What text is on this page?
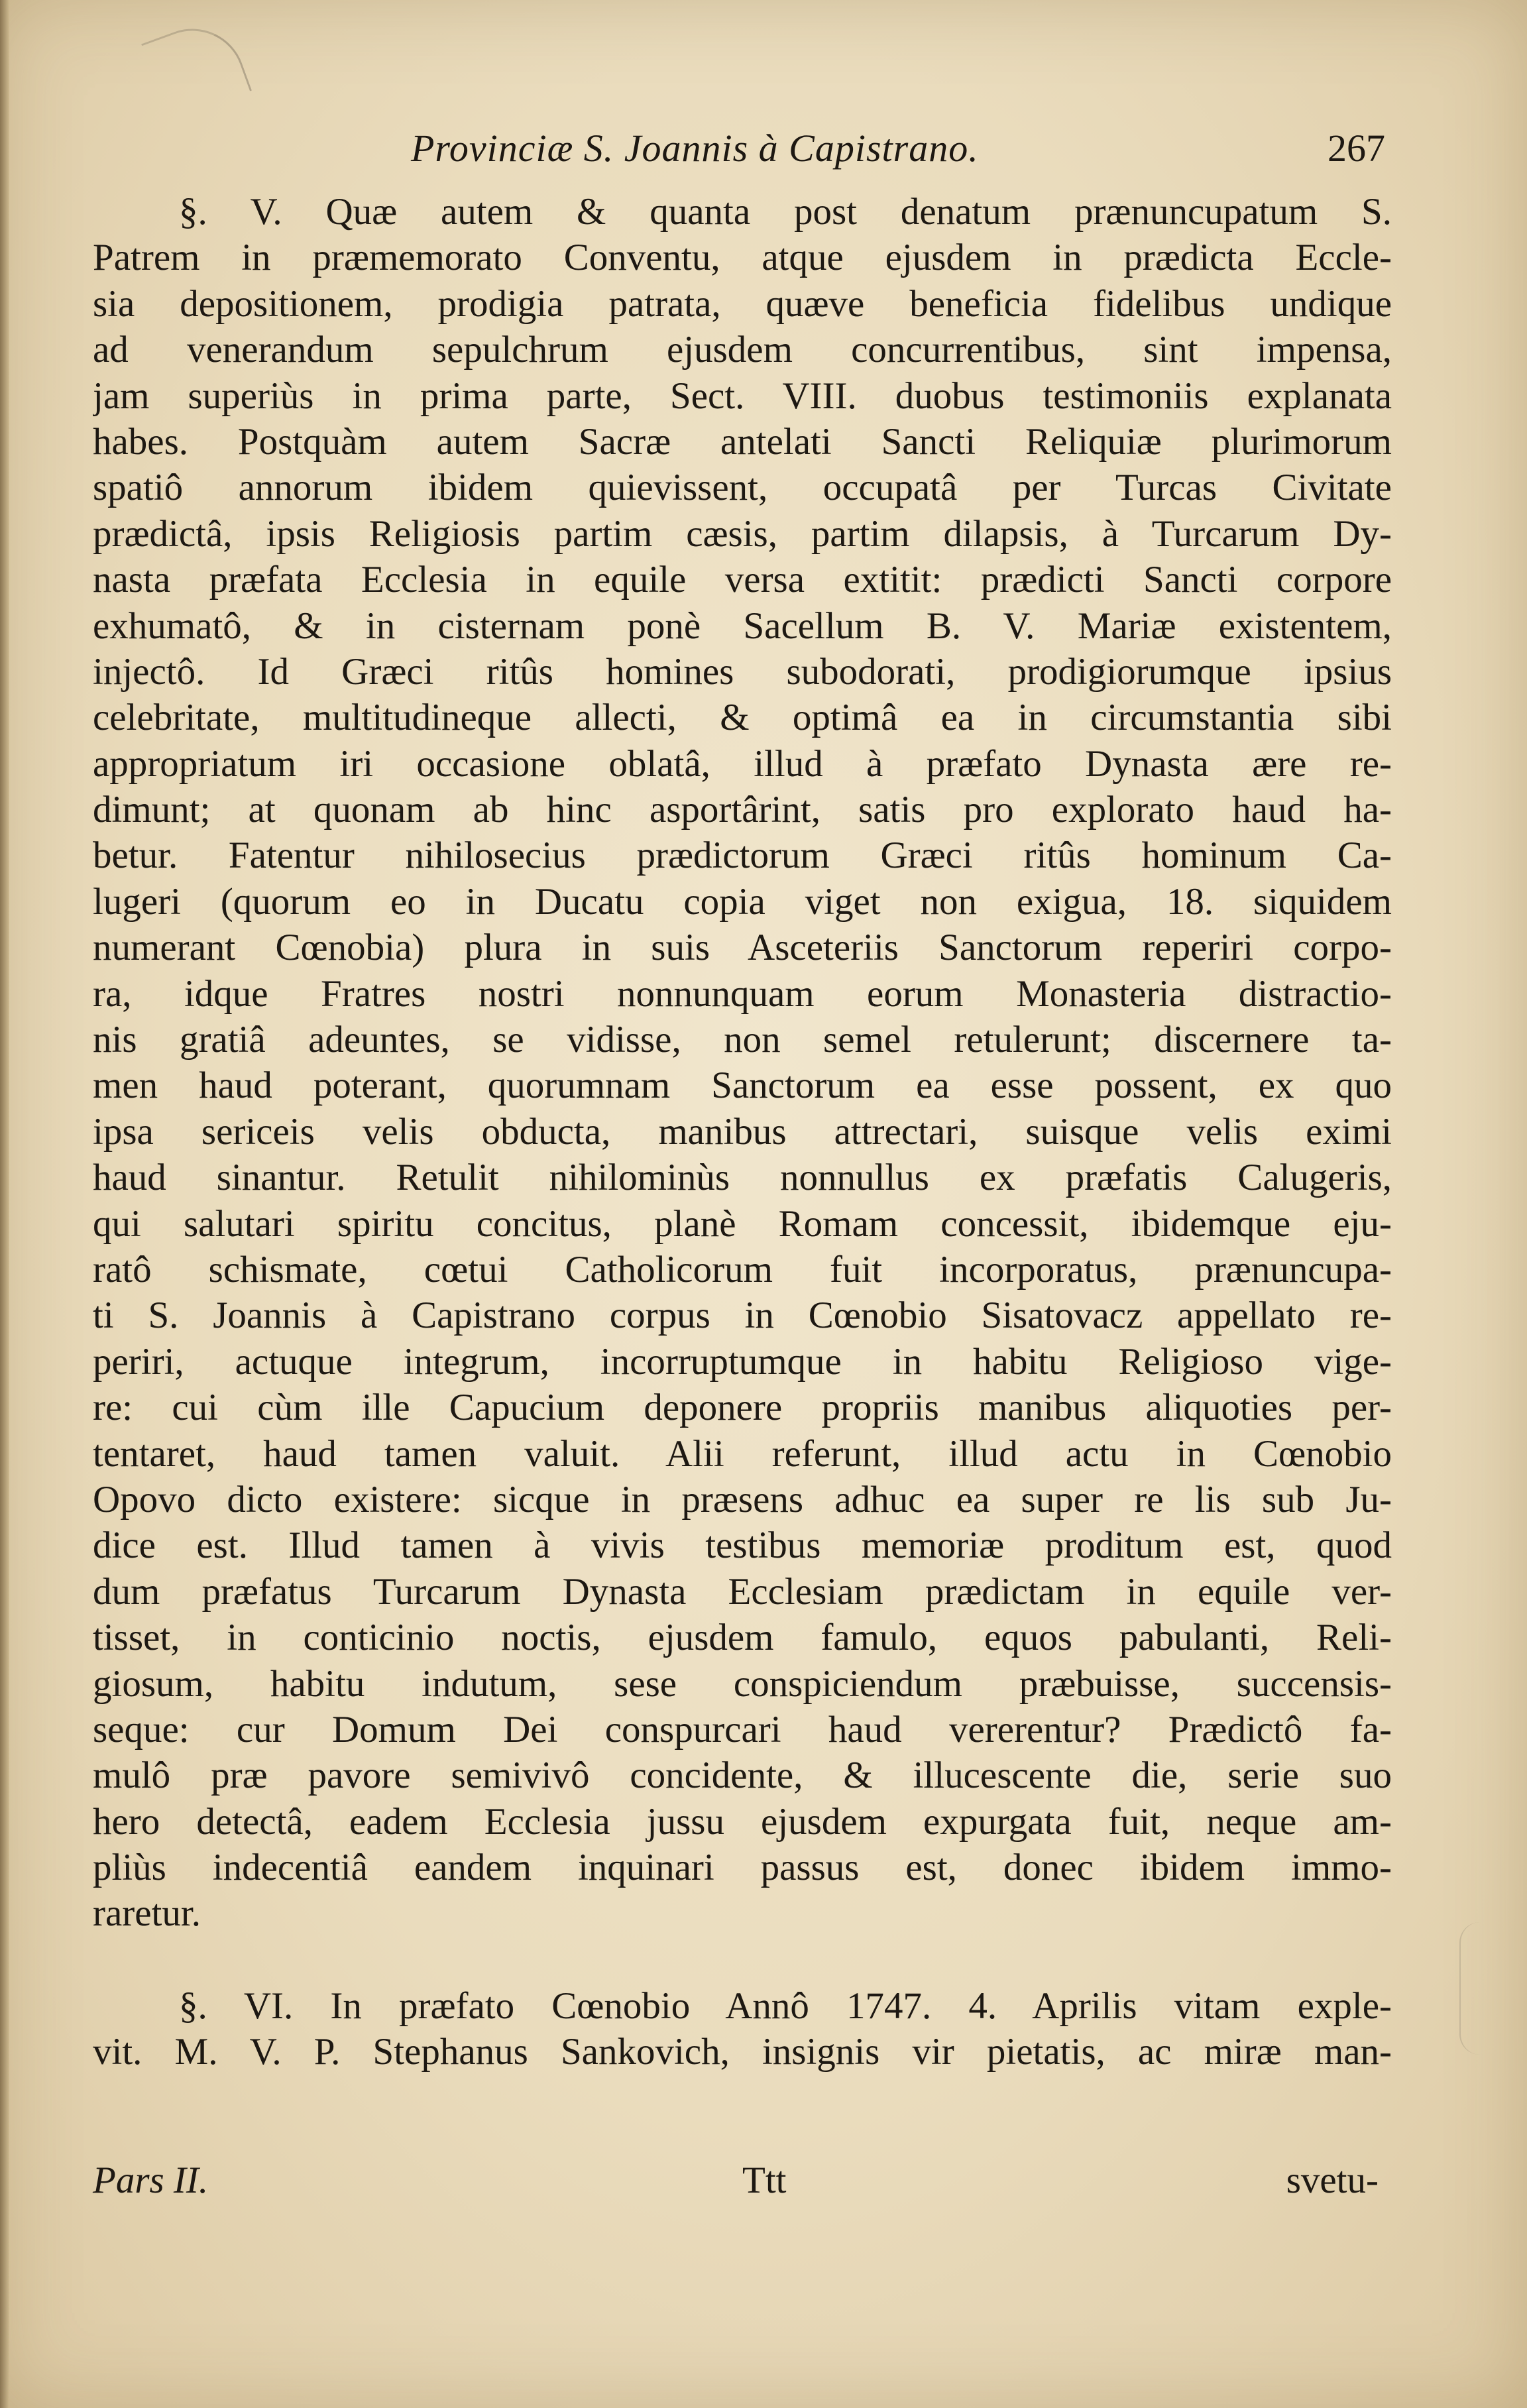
Provinciæ S. Joannis à Capistrano.	267
§. V. Quæ autem & quanta post denatum prænuncupatum S.
Patrem in præmemorato Conventu, atque ejusdem in prædicta Eccle-
sia depositionem, prodigia patrata, quæve beneficia fidelibus undique
ad venerandum sepulchrum ejusdem concurrentibus, sint impensa,
jam superiùs in prima parte, Sect. VIII. duobus testimoniis explanata
habes. Postquàm autem Sacræ antelati Sancti Reliquiæ plurimorum
spatiô annorum ibidem quievissent, occupatâ per Turcas Civitate
prædictâ, ipsis Religiosis partim cæsis, partim dilapsis, à Turcarum Dy-
nasta præfata Ecclesia in equile versa extitit: prædicti Sancti corpore
exhumatô, & in cisternam ponè Sacellum B. V. Mariæ existentem,
injectô. Id Græci ritûs homines subodorati, prodigiorumque ipsius
celebritate, multitudineque allecti, & optimâ ea in circumstantia sibi
appropriatum iri occasione oblatâ, illud à præfato Dynasta ære re-
dimunt; at quonam ab hinc asportârint, satis pro explorato haud ha-
betur. Fatentur nihilosecius prædictorum Græci ritûs hominum Ca-
lugeri (quorum eo in Ducatu copia viget non exigua, 18. siquidem
numerant Cœnobia) plura in suis Asceteriis Sanctorum reperiri corpo-
ra, idque Fratres nostri nonnunquam eorum Monasteria distractio-
nis gratiâ adeuntes, se vidisse, non semel retulerunt; discernere ta-
men haud poterant, quorumnam Sanctorum ea esse possent, ex quo
ipsa sericeis velis obducta, manibus attrectari, suisque velis eximi
haud sinantur. Retulit nihilominùs nonnullus ex præfatis Calugeris,
qui salutari spiritu concitus, planè Romam concessit, ibidemque eju-
ratô schismate, cœtui Catholicorum fuit incorporatus, prænuncupa-
ti S. Joannis à Capistrano corpus in Cœnobio Sisatovacz appellato re-
periri, actuque integrum, incorruptumque in habitu Religioso vige-
re: cui cùm ille Capucium deponere propriis manibus aliquoties per-
tentaret, haud tamen valuit. Alii referunt, illud actu in Cœnobio
Opovo dicto existere: sicque in præsens adhuc ea super re lis sub Ju-
dice est. Illud tamen à vivis testibus memoriæ proditum est, quod
dum præfatus Turcarum Dynasta Ecclesiam prædictam in equile ver-
tisset, in conticinio noctis, ejusdem famulo, equos pabulanti, Reli-
giosum, habitu indutum, sese conspiciendum præbuisse, succensis-
seque: cur Domum Dei conspurcari haud vererentur? Prædictô fa-
mulô præ pavore semivivô concidente, & illucescente die, serie suo
hero detectâ, eadem Ecclesia jussu ejusdem expurgata fuit, neque am-
pliùs indecentiâ eandem inquinari passus est, donec ibidem immo-
raretur.
§. VI. In præfato Cœnobio Annô 1747. 4. Aprilis vitam exple-
vit. M. V. P. Stephanus Sankovich, insignis vir pietatis, ac miræ man-
Pars II.	Ttt	svetu-
